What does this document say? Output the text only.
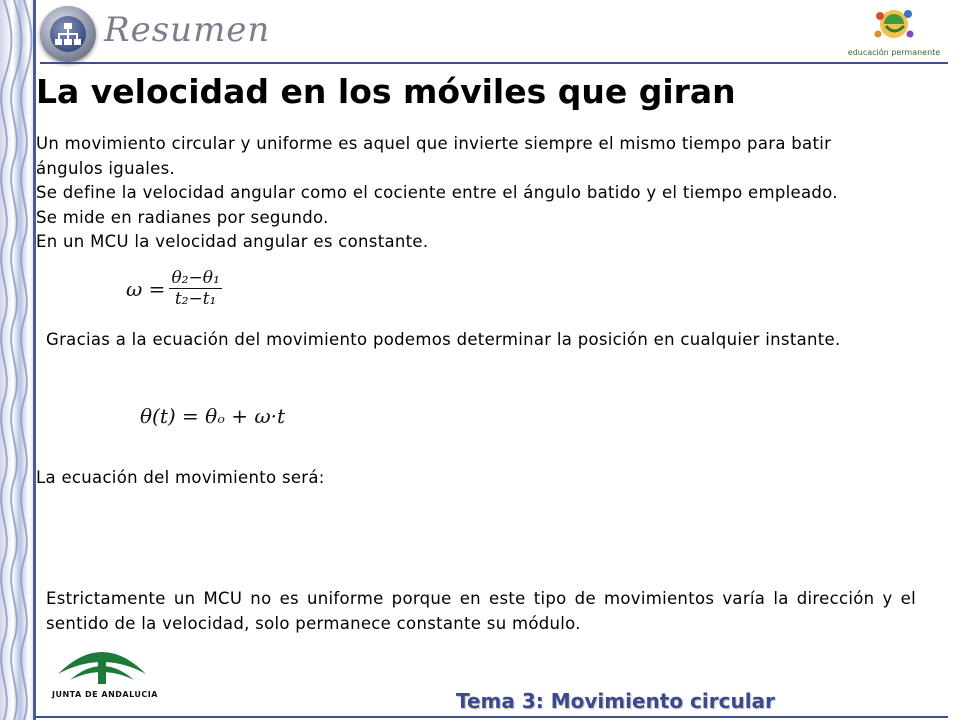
Resumen
educación permanente
La velocidad en los móviles que giran
Un movimiento circular y uniforme es aquel que invierte siempre el mismo tiempo para batir ángulos iguales.
Se define la velocidad angular como el cociente entre el ángulo batido y el tiempo empleado. Se mide en radianes por segundo.
En un MCU la velocidad angular es constante.
$\omega = \frac{\text{θ₂−θ₁}}{\text{t₂−t₁}}$
Gracias a la ecuación del movimiento podemos determinar la posición en cualquier instante.
θ(t) = θₒ + ω·t
La ecuación del movimiento será:
Estrictamente un MCU no es uniforme porque en este tipo de movimientos varía la dirección y el sentido de la velocidad, solo permanece constante su módulo.
JUNTA DE ANDALUCIA	Tema 3: Movimiento circular
